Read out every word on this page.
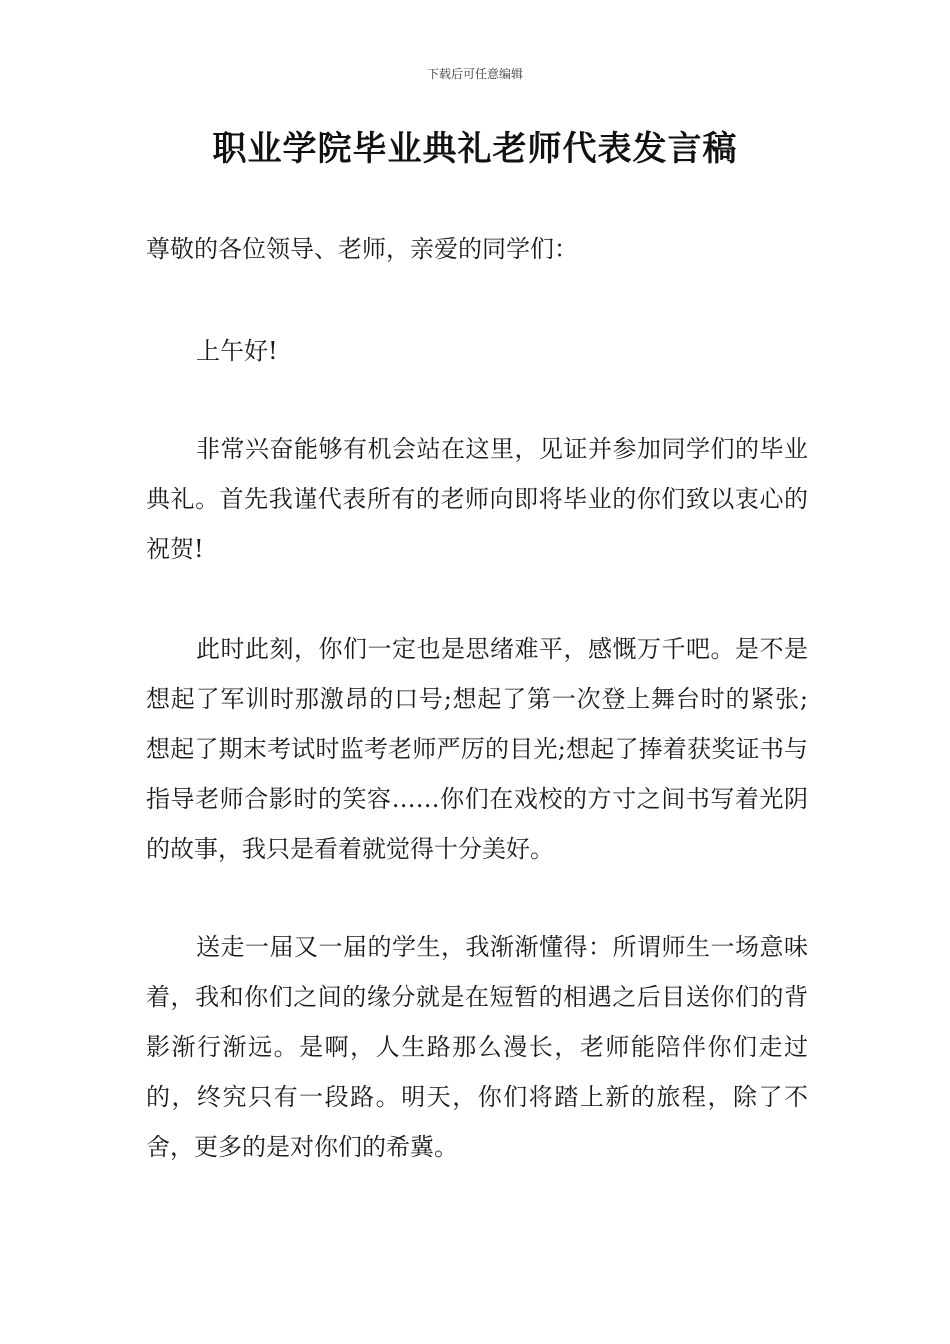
下载后可任意编辑
职业学院毕业典礼老师代表发言稿

尊敬的各位领导、老师，亲爱的同学们：

上午好!

非常兴奋能够有机会站在这里，见证并参加同学们的毕业典礼。首先我谨代表所有的老师向即将毕业的你们致以衷心的祝贺!

此时此刻，你们一定也是思绪难平，感慨万千吧。是不是想起了军训时那激昂的口号;想起了第一次登上舞台时的紧张;想起了期末考试时监考老师严厉的目光;想起了捧着获奖证书与指导老师合影时的笑容……你们在戏校的方寸之间书写着光阴的故事，我只是看着就觉得十分美好。

送走一届又一届的学生，我渐渐懂得：所谓师生一场意味着，我和你们之间的缘分就是在短暂的相遇之后目送你们的背影渐行渐远。是啊，人生路那么漫长，老师能陪伴你们走过的，终究只有一段路。明天，你们将踏上新的旅程，除了不舍，更多的是对你们的希冀。
